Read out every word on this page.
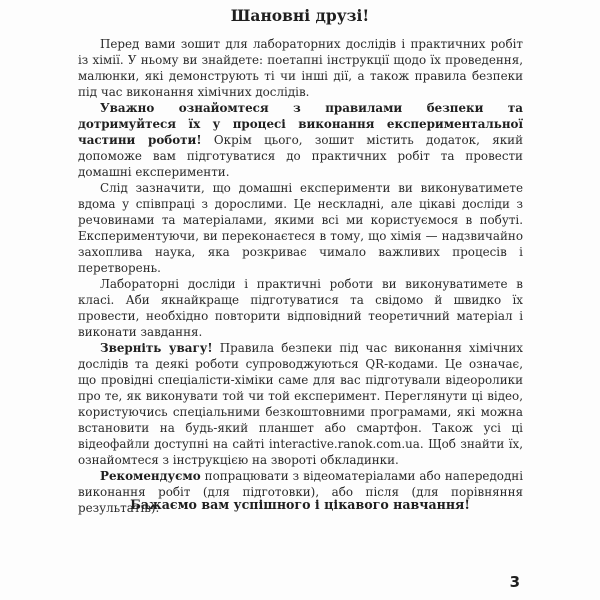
Шановні друзі!

Перед вами зошит для лабораторних дослідів і практичних робіт із хімії. У ньому ви знайдете: поетапні інструкції щодо їх проведення, малюнки, які демонструють ті чи інші дії, а також правила безпеки під час виконання хімічних дослідів.

Уважно ознайомтеся з правилами безпеки та дотримуйтеся їх у процесі виконання експериментальної частини роботи! Окрім цього, зошит містить додаток, який допоможе вам підготуватися до практичних робіт та провести домашні експерименти.

Слід зазначити, що домашні експерименти ви виконуватимете вдома у співпраці з дорослими. Це нескладні, але цікаві досліди з речовинами та матеріалами, якими всі ми користуємося в побуті. Експериментуючи, ви переконаєтеся в тому, що хімія — надзвичайно захоплива наука, яка розкриває чимало важливих процесів і перетворень.

Лабораторні досліди і практичні роботи ви виконуватимете в класі. Аби якнайкраще підготуватися та свідомо й швидко їх провести, необхідно повторити відповідний теоретичний матеріал і виконати завдання.

Зверніть увагу! Правила безпеки під час виконання хімічних дослідів та деякі роботи супроводжуються QR-кодами. Це означає, що провідні спеціалісти-хіміки саме для вас підготували відеоролики про те, як виконувати той чи той експеримент. Переглянути ці відео, користуючись спеціальними безкоштовними програмами, які можна встановити на будь-який планшет або смартфон. Також усі ці відеофайли доступні на сайті interactive.ranok.com.ua. Щоб знайти їх, ознайомтеся з інструкцією на звороті обкладинки.

Рекомендуємо попрацювати з відеоматеріалами або напередодні виконання робіт (для підготовки), або після (для порівняння результатів).

Бажаємо вам успішного і цікавого навчання!

3
